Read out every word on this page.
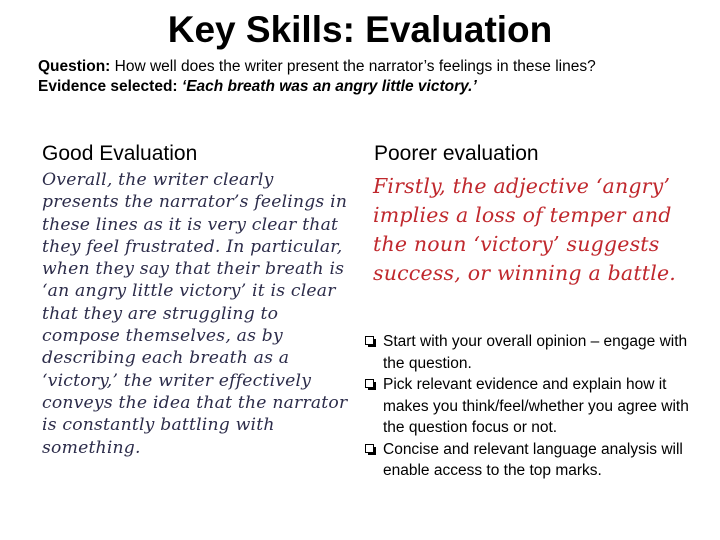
Key Skills: Evaluation
Question: How well does the writer present the narrator’s feelings in these lines?
Evidence selected: ‘Each breath was an angry little victory.’
Good Evaluation	Poorer evaluation
Overall, the writer clearly presents the narrator’s feelings in these lines as it is very clear that they feel frustrated. In particular, when they say that their breath is ‘an angry little victory’ it is clear that they are struggling to compose themselves, as by describing each breath as a ‘victory,’ the writer effectively conveys the idea that the narrator is constantly battling with something.
Firstly, the adjective ‘angry’ implies a loss of temper and the noun ‘victory’ suggests success, or winning a battle.
Start with your overall opinion – engage with the question.
Pick relevant evidence and explain how it makes you think/feel/whether you agree with the question focus or not.
Concise and relevant language analysis will enable access to the top marks.
